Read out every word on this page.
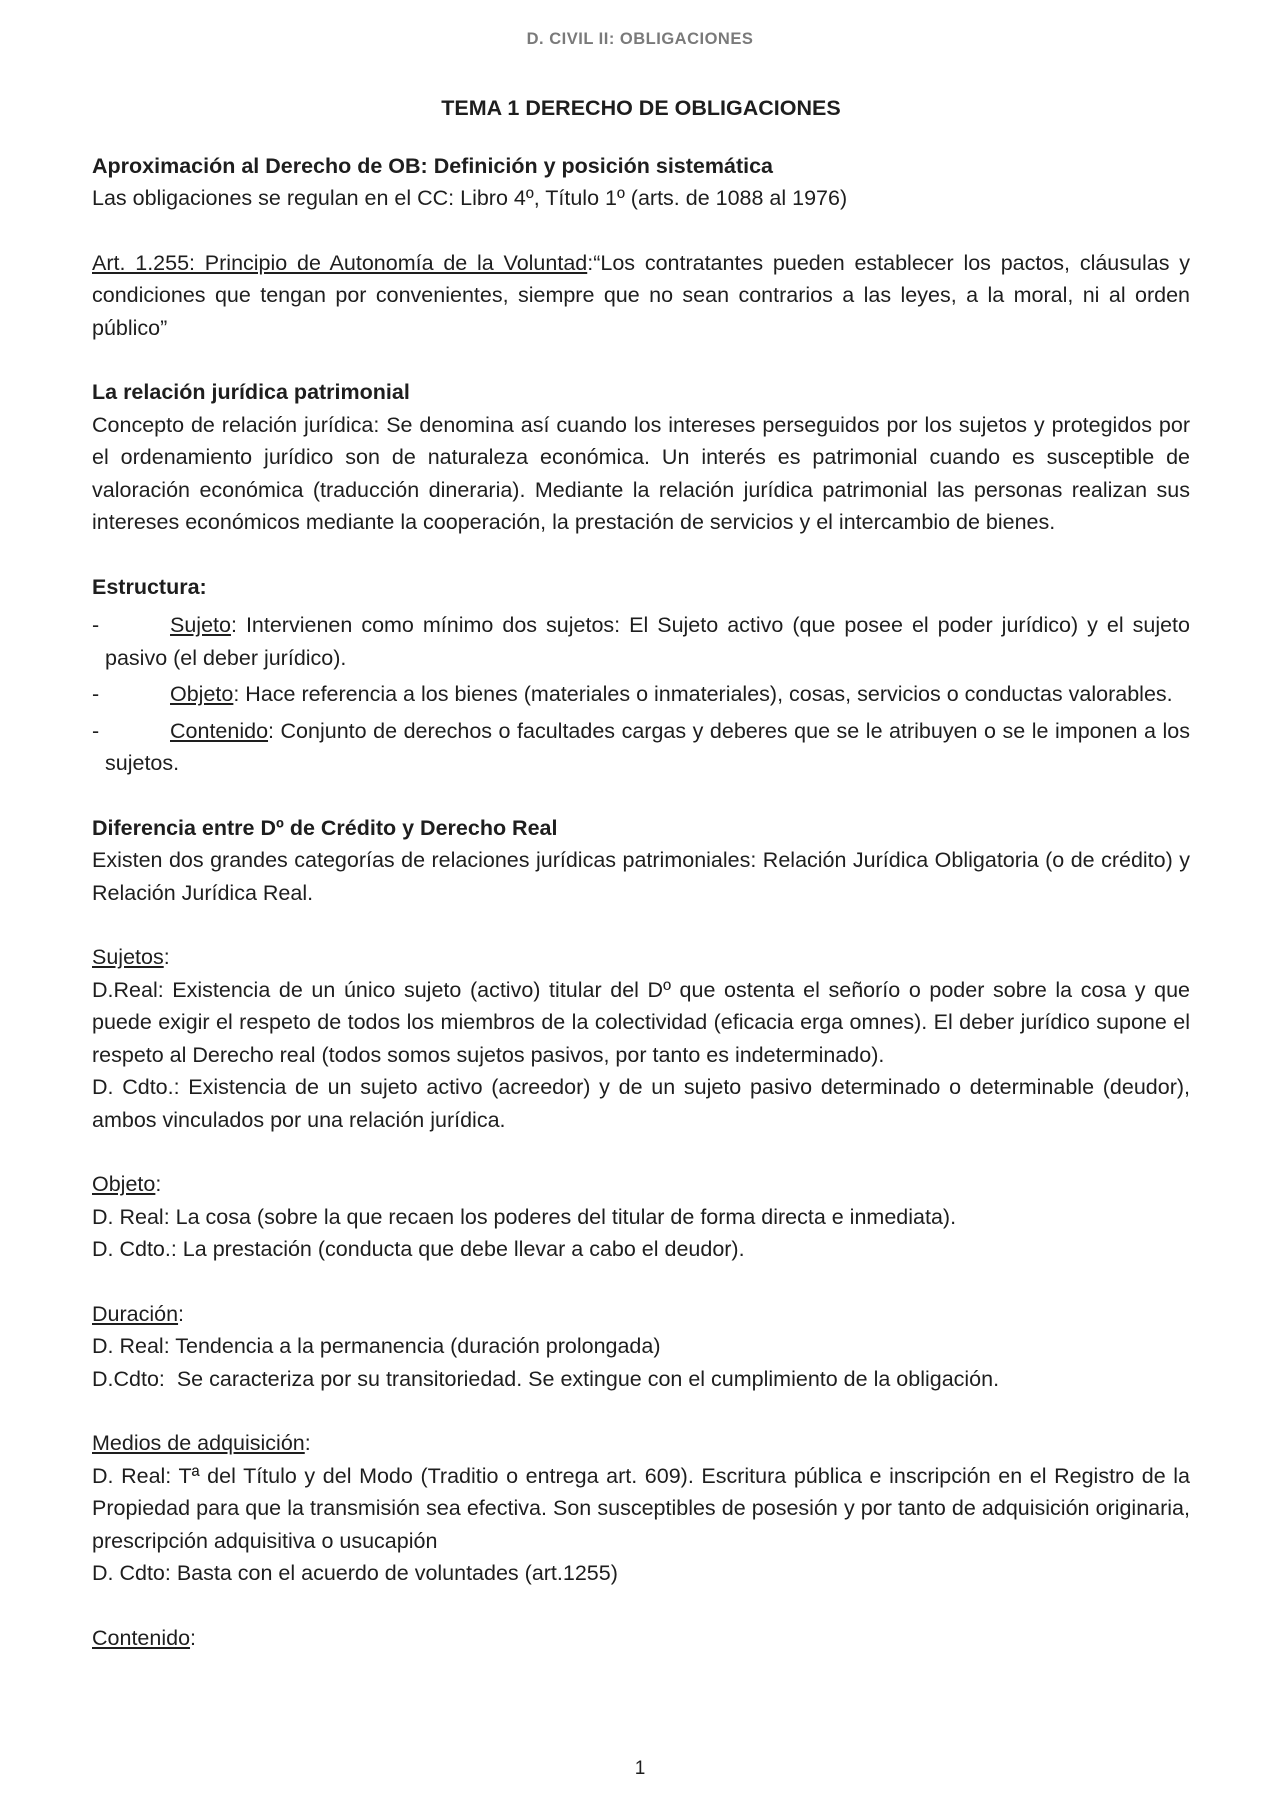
D. CIVIL II: OBLIGACIONES

TEMA 1 DERECHO DE OBLIGACIONES

Aproximación al Derecho de OB: Definición y posición sistemática

Las obligaciones se regulan en el CC: Libro 4º, Título 1º (arts. de 1088 al 1976)

Art. 1.255: Principio de Autonomía de la Voluntad:“Los contratantes pueden establecer los pactos, cláusulas y condiciones que tengan por convenientes, siempre que no sean contrarios a las leyes, a la moral, ni al orden público”

La relación jurídica patrimonial

Concepto de relación jurídica: Se denomina así cuando los intereses perseguidos por los sujetos y protegidos por el ordenamiento jurídico son de naturaleza económica. Un interés es patrimonial cuando es susceptible de valoración económica (traducción dineraria). Mediante la relación jurídica patrimonial las personas realizan sus intereses económicos mediante la cooperación, la prestación de servicios y el intercambio de bienes.

Estructura:

-	Sujeto: Intervienen como mínimo dos sujetos: El Sujeto activo (que posee el poder jurídico) y el sujeto pasivo (el deber jurídico).
-	Objeto: Hace referencia a los bienes (materiales o inmateriales), cosas, servicios o conductas valorables.
-	Contenido: Conjunto de derechos o facultades cargas y deberes que se le atribuyen o se le imponen a los sujetos.

Diferencia entre Dº de Crédito y Derecho Real

Existen dos grandes categorías de relaciones jurídicas patrimoniales: Relación Jurídica Obligatoria (o de crédito) y Relación Jurídica Real.

Sujetos:

D.Real: Existencia de un único sujeto (activo) titular del Dº que ostenta el señorío o poder sobre la cosa y que puede exigir el respeto de todos los miembros de la colectividad (eficacia erga omnes). El deber jurídico supone el respeto al Derecho real (todos somos sujetos pasivos, por tanto es indeterminado).

D. Cdto.: Existencia de un sujeto activo (acreedor) y de un sujeto pasivo determinado o determinable (deudor), ambos vinculados por una relación jurídica.

Objeto:

D. Real: La cosa (sobre la que recaen los poderes del titular de forma directa e inmediata).

D. Cdto.: La prestación (conducta que debe llevar a cabo el deudor).

Duración:

D. Real: Tendencia a la permanencia (duración prolongada)

D.Cdto:  Se caracteriza por su transitoriedad. Se extingue con el cumplimiento de la obligación.

Medios de adquisición:

D. Real: Tª del Título y del Modo (Traditio o entrega art. 609). Escritura pública e inscripción en el Registro de la Propiedad para que la transmisión sea efectiva. Son susceptibles de posesión y por tanto de adquisición originaria, prescripción adquisitiva o usucapión

D. Cdto: Basta con el acuerdo de voluntades (art.1255)

Contenido:

1
